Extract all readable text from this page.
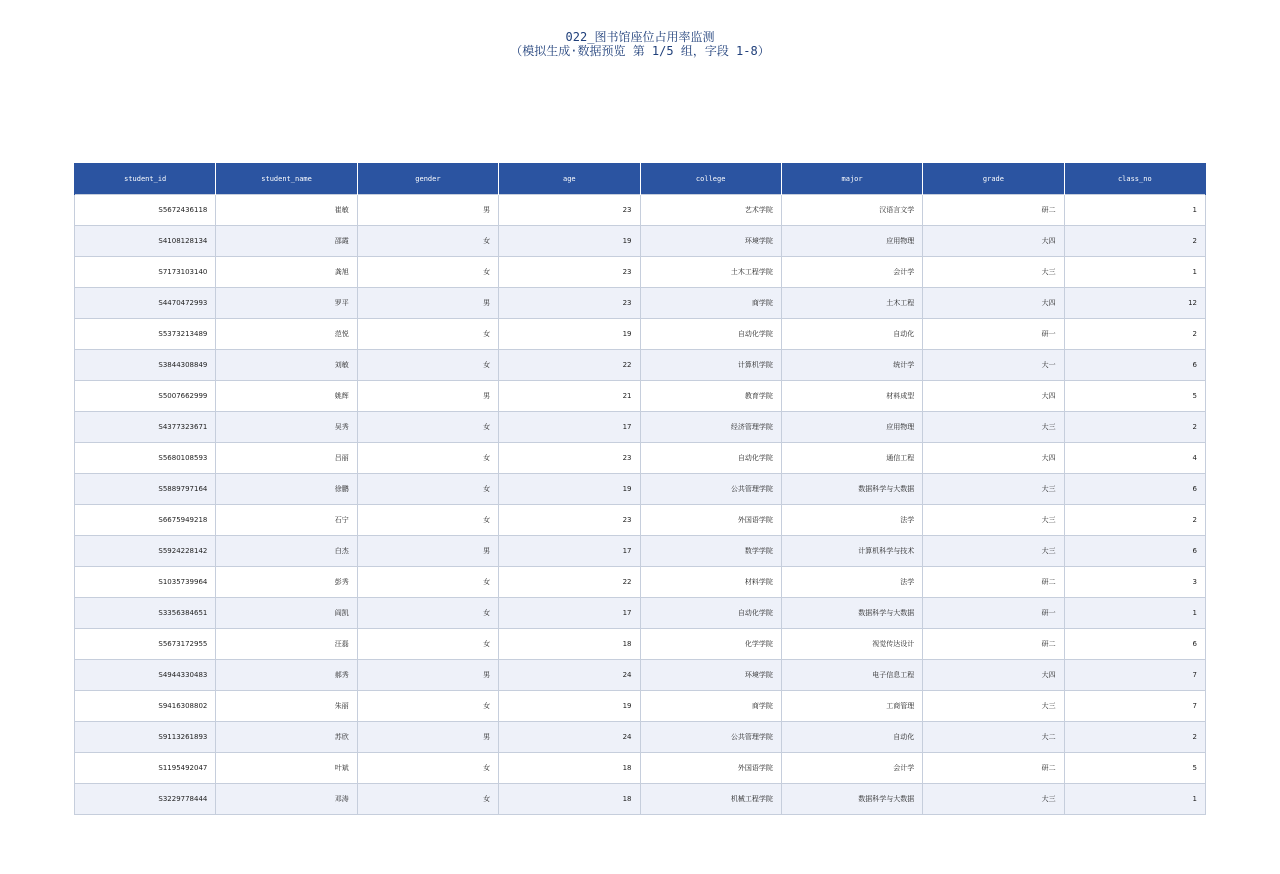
022_图书馆座位占用率监测
（模拟生成·数据预览 第 1/5 组，字段 1-8）
student_id	student_name	gender	age	college	major	grade	class_no
S5672436118	崔敏	男	23	艺术学院	汉语言文学	研二	1
S4108128134	邵霞	女	19	环境学院	应用物理	大四	2
S7173103140	龚旭	女	23	土木工程学院	会计学	大三	1
S4470472993	罗平	男	23	商学院	土木工程	大四	12
S5373213489	范悦	女	19	自动化学院	自动化	研一	2
S3844308849	刘敏	女	22	计算机学院	统计学	大一	6
S5007662999	姚辉	男	21	教育学院	材料成型	大四	5
S4377323671	吴秀	女	17	经济管理学院	应用物理	大三	2
S5680108593	吕丽	女	23	自动化学院	通信工程	大四	4
S5889797164	徐鹏	女	19	公共管理学院	数据科学与大数据	大三	6
S6675949218	石宁	女	23	外国语学院	法学	大三	2
S5924228142	白杰	男	17	数学学院	计算机科学与技术	大三	6
S1035739964	彭秀	女	22	材料学院	法学	研二	3
S3356384651	阎凯	女	17	自动化学院	数据科学与大数据	研一	1
S5673172955	汪磊	女	18	化学学院	视觉传达设计	研二	6
S4944330483	郝秀	男	24	环境学院	电子信息工程	大四	7
S9416308802	朱丽	女	19	商学院	工商管理	大三	7
S9113261893	苏欣	男	24	公共管理学院	自动化	大二	2
S1195492047	叶斌	女	18	外国语学院	会计学	研二	5
S3229778444	邓涛	女	18	机械工程学院	数据科学与大数据	大三	1
